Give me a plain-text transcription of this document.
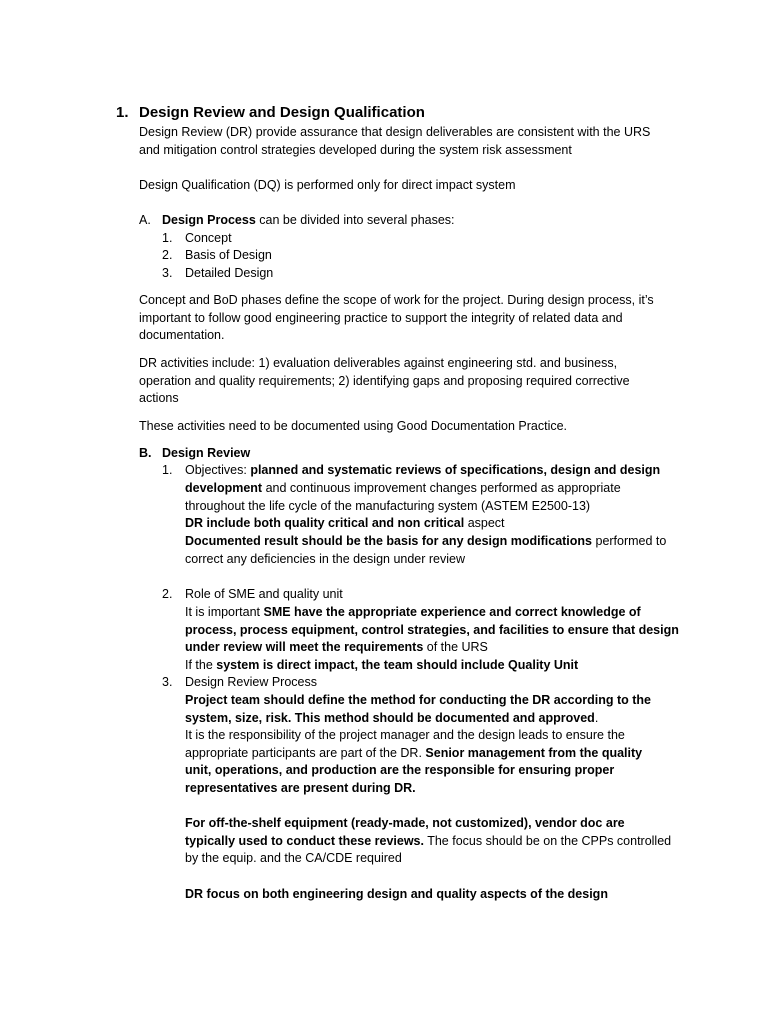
1. Design Review and Design Qualification
Design Review (DR) provide assurance that design deliverables are consistent with the URS
and mitigation control strategies developed during the system risk assessment
Design Qualification (DQ) is performed only for direct impact system
A. Design Process can be divided into several phases:
1. Concept
2. Basis of Design
3. Detailed Design
Concept and BoD phases define the scope of work for the project. During design process, it’s
important to follow good engineering practice to support the integrity of related data and
documentation.
DR activities include: 1) evaluation deliverables against engineering std. and business,
operation and quality requirements; 2) identifying gaps and proposing required corrective
actions
These activities need to be documented using Good Documentation Practice.
B. Design Review
1. Objectives: planned and systematic reviews of specifications, design and design
development and continuous improvement changes performed as appropriate
throughout the life cycle of the manufacturing system (ASTEM E2500-13)
DR include both quality critical and non critical aspect
Documented result should be the basis for any design modifications performed to
correct any deficiencies in the design under review
2. Role of SME and quality unit
It is important SME have the appropriate experience and correct knowledge of
process, process equipment, control strategies, and facilities to ensure that design
under review will meet the requirements of the URS
If the system is direct impact, the team should include Quality Unit
3. Design Review Process
Project team should define the method for conducting the DR according to the
system, size, risk. This method should be documented and approved.
It is the responsibility of the project manager and the design leads to ensure the
appropriate participants are part of the DR. Senior management from the quality
unit, operations, and production are the responsible for ensuring proper
representatives are present during DR.
For off-the-shelf equipment (ready-made, not customized), vendor doc are
typically used to conduct these reviews. The focus should be on the CPPs controlled
by the equip. and the CA/CDE required
DR focus on both engineering design and quality aspects of the design
